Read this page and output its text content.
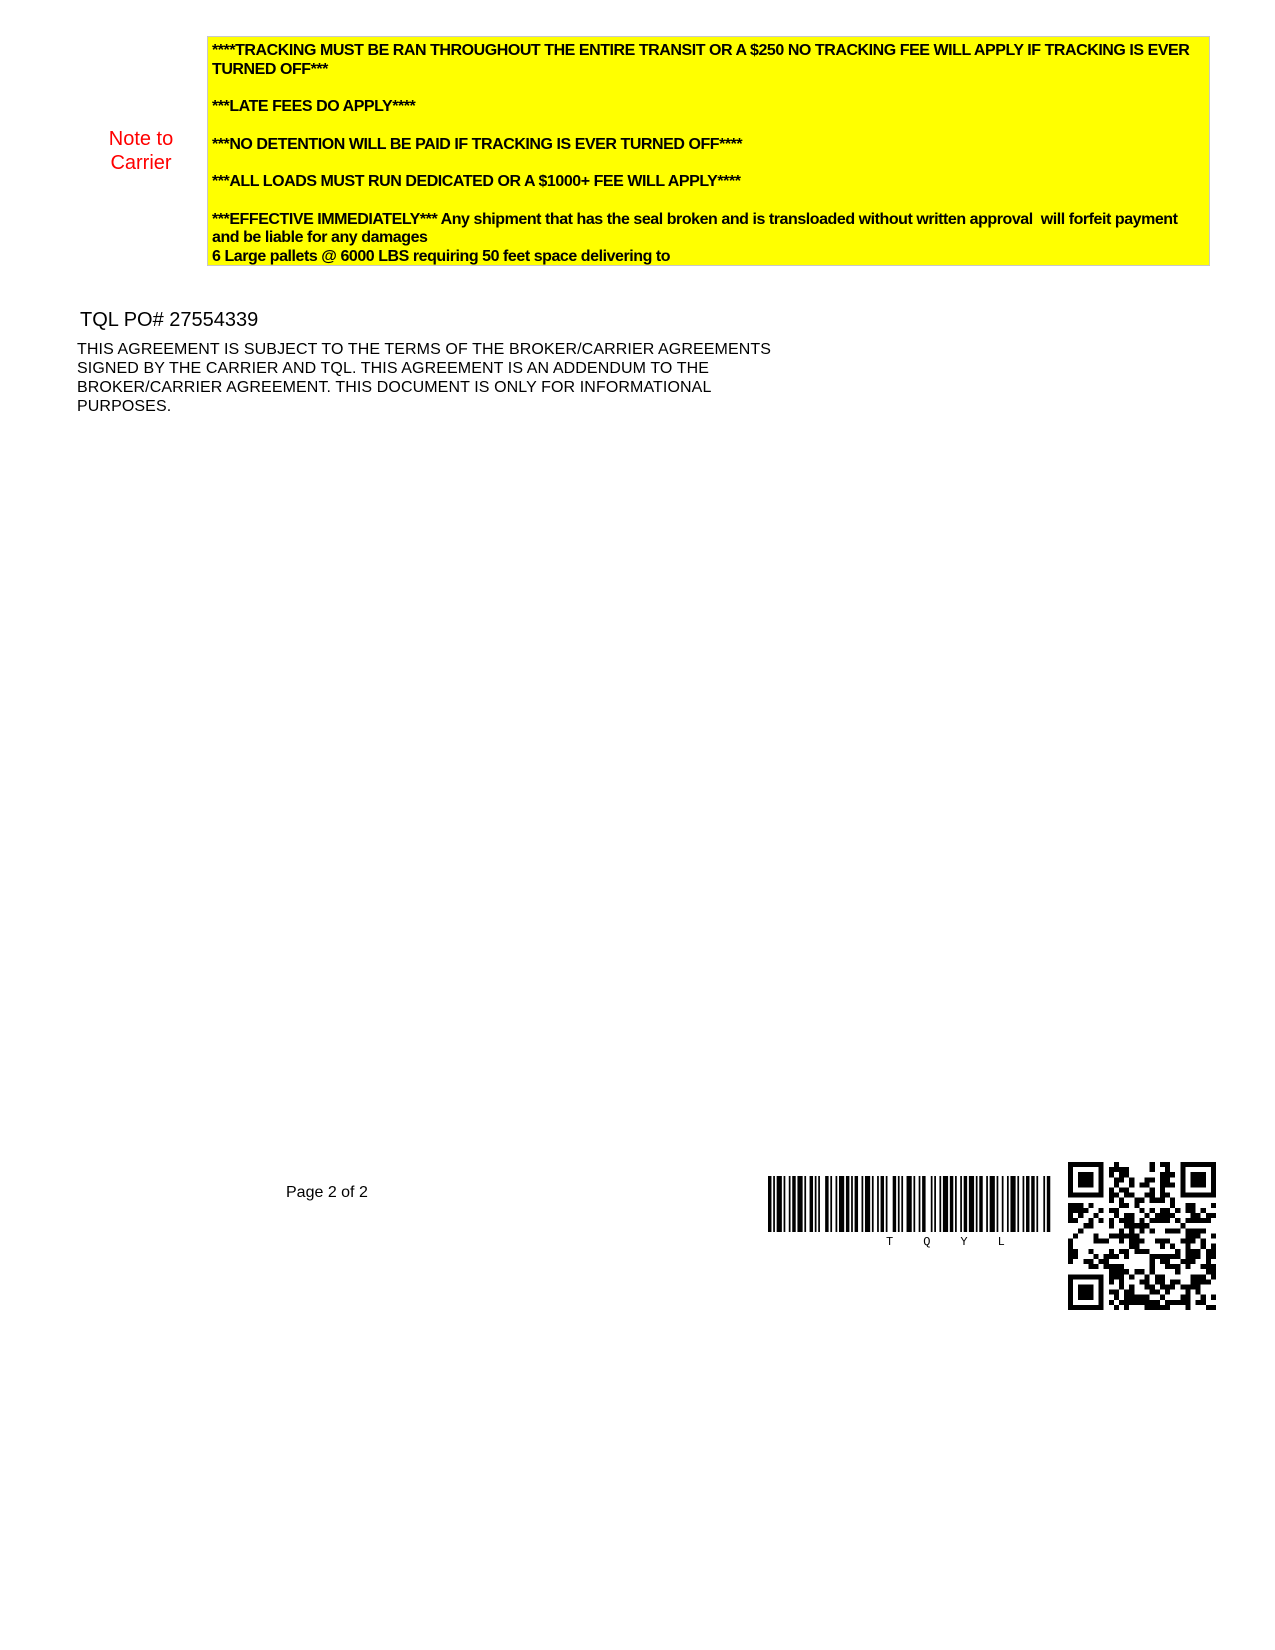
Note to Carrier
****TRACKING MUST BE RAN THROUGHOUT THE ENTIRE TRANSIT OR A $250 NO TRACKING FEE WILL APPLY IF TRACKING IS EVER TURNED OFF***
***LATE FEES DO APPLY****
***NO DETENTION WILL BE PAID IF TRACKING IS EVER TURNED OFF****
***ALL LOADS MUST RUN DEDICATED OR A $1000+ FEE WILL APPLY****
***EFFECTIVE IMMEDIATELY*** Any shipment that has the seal broken and is transloaded without written approval  will forfeit payment and be liable for any damages
6 Large pallets @ 6000 LBS requiring 50 feet space delivering to
TQL PO# 27554339
THIS AGREEMENT IS SUBJECT TO THE TERMS OF THE BROKER/CARRIER AGREEMENTS SIGNED BY THE CARRIER AND TQL. THIS AGREEMENT IS AN ADDENDUM TO THE BROKER/CARRIER AGREEMENT. THIS DOCUMENT IS ONLY FOR INFORMATIONAL PURPOSES.
Page 2 of 2
TQYL
